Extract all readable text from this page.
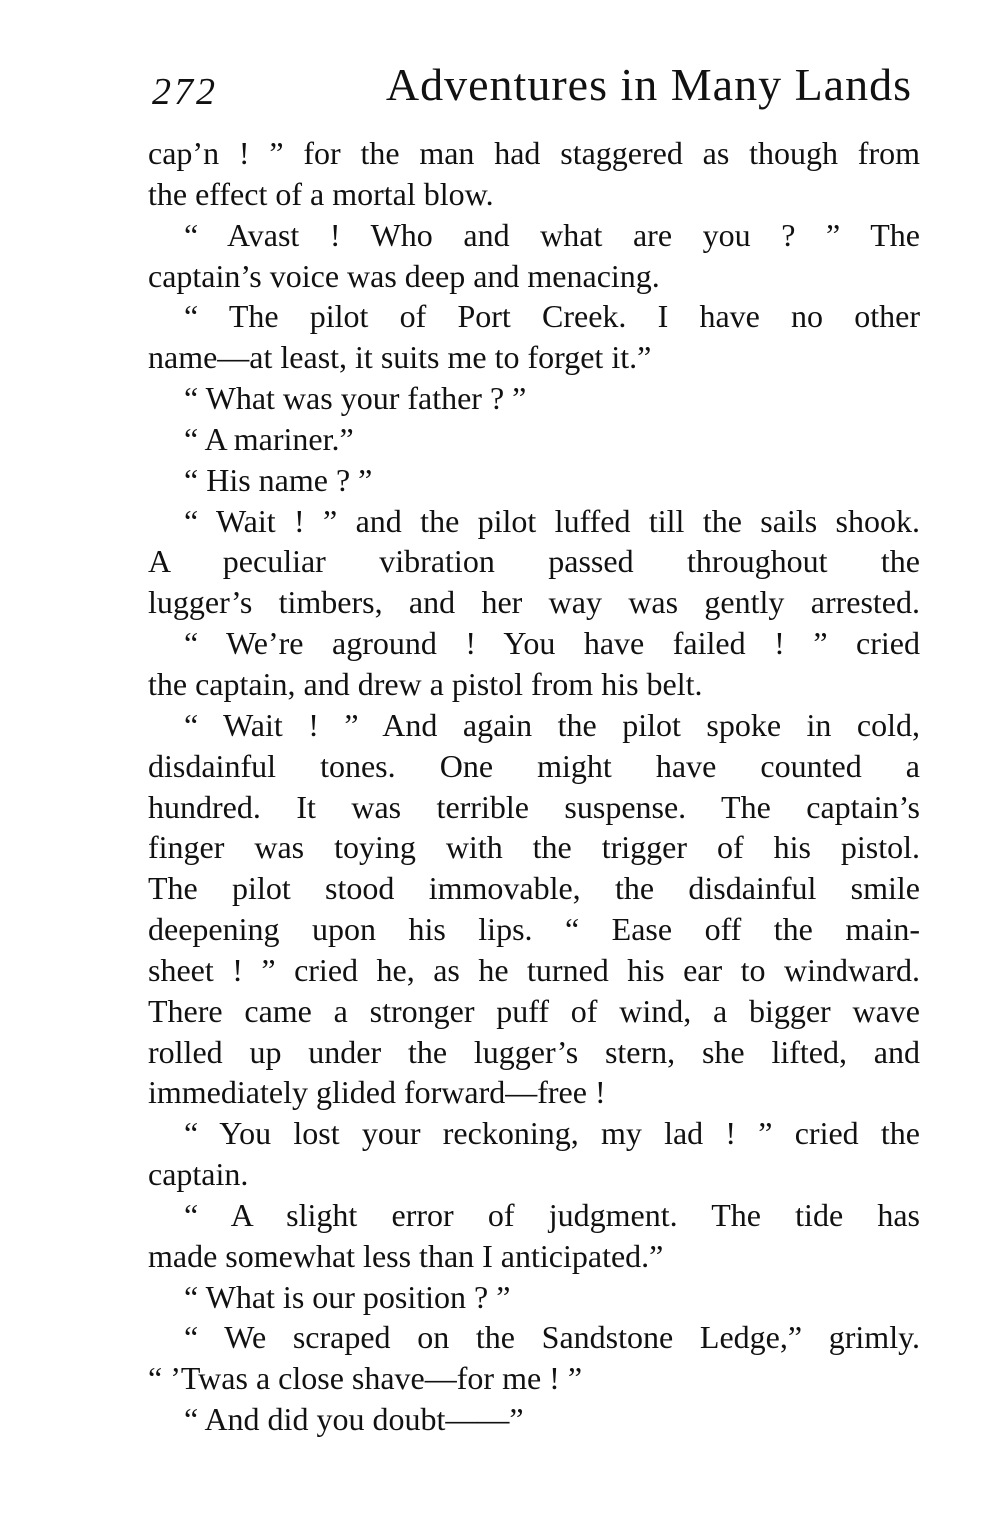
272	Adventures in Many Lands
cap’n ! ” for the man had staggered as though from
the effect of a mortal blow.
“ Avast ! Who and what are you ? ” The
captain’s voice was deep and menacing.
“ The pilot of Port Creek. I have no other
name—at least, it suits me to forget it.”
“ What was your father ? ”
“ A mariner.”
“ His name ? ”
“ Wait ! ” and the pilot luffed till the sails shook.
A peculiar vibration passed throughout the
lugger’s timbers, and her way was gently arrested.
“ We’re aground ! You have failed ! ” cried
the captain, and drew a pistol from his belt.
“ Wait ! ” And again the pilot spoke in cold,
disdainful tones. One might have counted a
hundred. It was terrible suspense. The captain’s
finger was toying with the trigger of his pistol.
The pilot stood immovable, the disdainful smile
deepening upon his lips. “ Ease off the main-
sheet ! ” cried he, as he turned his ear to windward.
There came a stronger puff of wind, a bigger wave
rolled up under the lugger’s stern, she lifted, and
immediately glided forward—free !
“ You lost your reckoning, my lad ! ” cried the
captain.
“ A slight error of judgment. The tide has
made somewhat less than I anticipated.”
“ What is our position ? ”
“ We scraped on the Sandstone Ledge,” grimly.
“ ’Twas a close shave—for me ! ”
“ And did you doubt——”
